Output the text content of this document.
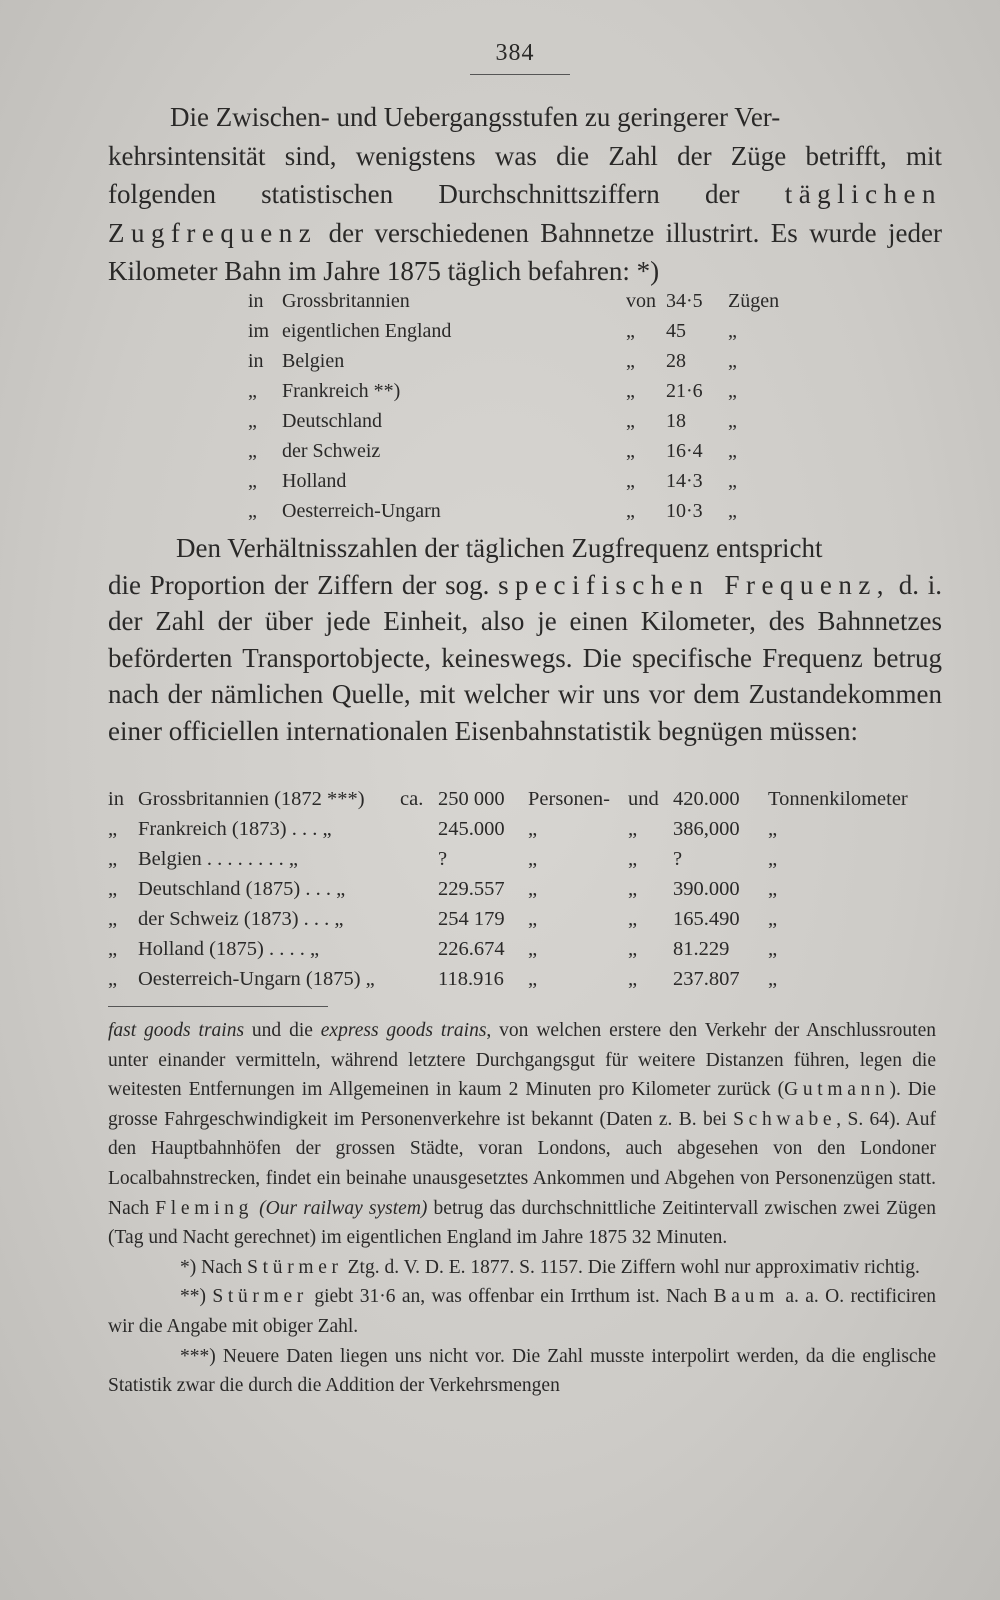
384

Die Zwischen- und Uebergangsstufen zu geringerer Ver-
kehrsintensität sind, wenigstens was die Zahl der Züge betrifft, mit folgenden statistischen Durchschnittsziffern der täglichen Zugfrequenz der verschiedenen Bahnnetze illustrirt. Es wurde jeder Kilometer Bahn im Jahre 1875 täglich befahren: *)

in Grossbritannien	von 34·5 Zügen
im eigentlichen England	„ 45 „
in Belgien	„ 28 „
„	Frankreich **)	„ 21·6 „
„	Deutschland	„ 18 „
„	der Schweiz	„ 16·4 „
„	Holland	„ 14·3 „
„	Oesterreich-Ungarn	„ 10·3 „

Den Verhältnisszahlen der täglichen Zugfrequenz entspricht
die Proportion der Ziffern der sog. specifischen Frequenz, d. i. der Zahl der über jede Einheit, also je einen Kilometer, des Bahnnetzes beförderten Transportobjecte, keineswegs. Die specifische Frequenz betrug nach der nämlichen Quelle, mit welcher wir uns vor dem Zustandekommen einer officiellen internationalen Eisenbahnstatistik begnügen müssen:

in Grossbritannien (1872 ***) ca. 250 000 Personen- und 420.000 Tonnenkilometer
„ Frankreich (1873) . . . „	245.000 „	„ 386,000 „
„ Belgien . . . . . . . . „	?	„	„ ?	„
„ Deutschland (1875) . . . „	229.557 „	„ 390.000 „
„ der Schweiz (1873) . . . „	254 179 „	„ 165.490 „
„ Holland (1875) . . . . „	226.674 „	„ 81.229 „
„ Oesterreich-Ungarn (1875) „	118.916 „	„ 237.807 „

fast goods trains und die express goods trains, von welchen erstere den Verkehr der Anschlussrouten unter einander vermitteln, während letztere Durchgangsgut für weitere Distanzen führen, legen die weitesten Entfernungen im Allgemeinen in kaum 2 Minuten pro Kilometer zurück (Gutmann). Die grosse Fahrgeschwindigkeit im Personenverkehre ist bekannt (Daten z. B. bei Schwabe, S. 64). Auf den Hauptbahnhöfen der grossen Städte, voran Londons, auch abgesehen von den Londoner Localbahnstrecken, findet ein beinahe unausgesetztes Ankommen und Abgehen von Personenzügen statt. Nach Fleming (Our railway system) betrug das durchschnittliche Zeitintervall zwischen zwei Zügen (Tag und Nacht gerechnet) im eigentlichen England im Jahre 1875 32 Minuten.

*) Nach Stürmer Ztg. d. V. D. E. 1877. S. 1157. Die Ziffern wohl nur approximativ richtig.

**) Stürmer giebt 31·6 an, was offenbar ein Irrthum ist. Nach Baum a. a. O. rectificiren wir die Angabe mit obiger Zahl.

***) Neuere Daten liegen uns nicht vor. Die Zahl musste interpolirt werden, da die englische Statistik zwar die durch die Addition der Verkehrsmengen
